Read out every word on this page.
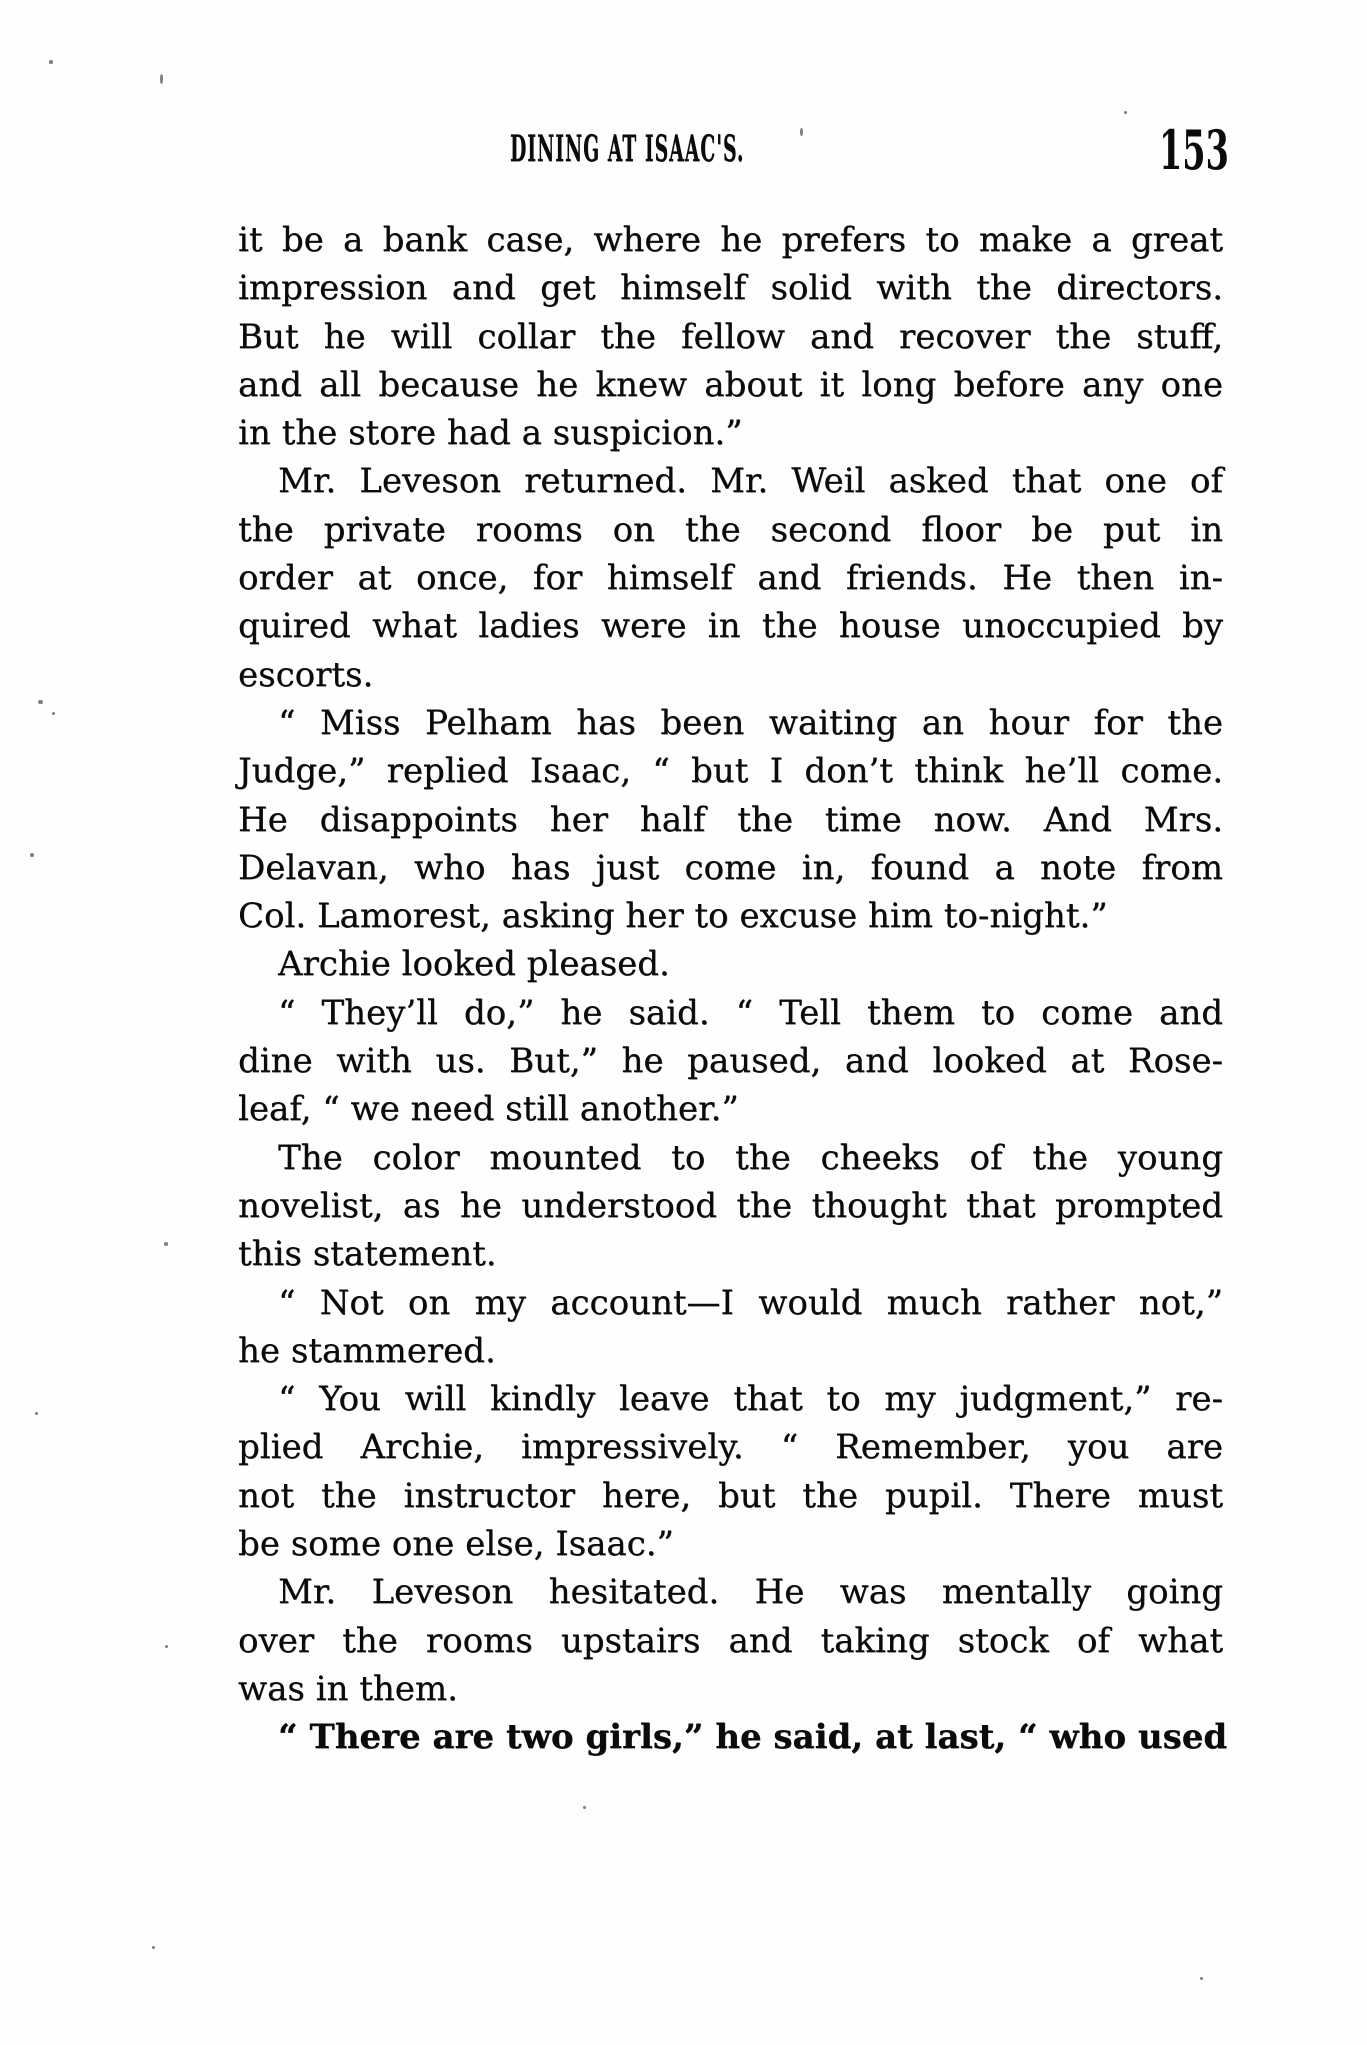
DINING AT ISAAC'S.	153
it be a bank case, where he prefers to make a great
impression and get himself solid with the directors.
But he will collar the fellow and recover the stuff,
and all because he knew about it long before any one
in the store had a suspicion.”
Mr. Leveson returned. Mr. Weil asked that one of
the private rooms on the second floor be put in
order at once, for himself and friends. He then in-
quired what ladies were in the house unoccupied by
escorts.
“ Miss Pelham has been waiting an hour for the
Judge,” replied Isaac, “ but I don’t think he’ll come.
He disappoints her half the time now. And Mrs.
Delavan, who has just come in, found a note from
Col. Lamorest, asking her to excuse him to-night.”
Archie looked pleased.
“ They’ll do,” he said. “ Tell them to come and
dine with us. But,” he paused, and looked at Rose-
leaf, “ we need still another.”
The color mounted to the cheeks of the young
novelist, as he understood the thought that prompted
this statement.
“ Not on my account—I would much rather not,”
he stammered.
“ You will kindly leave that to my judgment,” re-
plied Archie, impressively. “ Remember, you are
not the instructor here, but the pupil. There must
be some one else, Isaac.”
Mr. Leveson hesitated. He was mentally going
over the rooms upstairs and taking stock of what
was in them.
“ There are two girls,” he said, at last, “ who used
